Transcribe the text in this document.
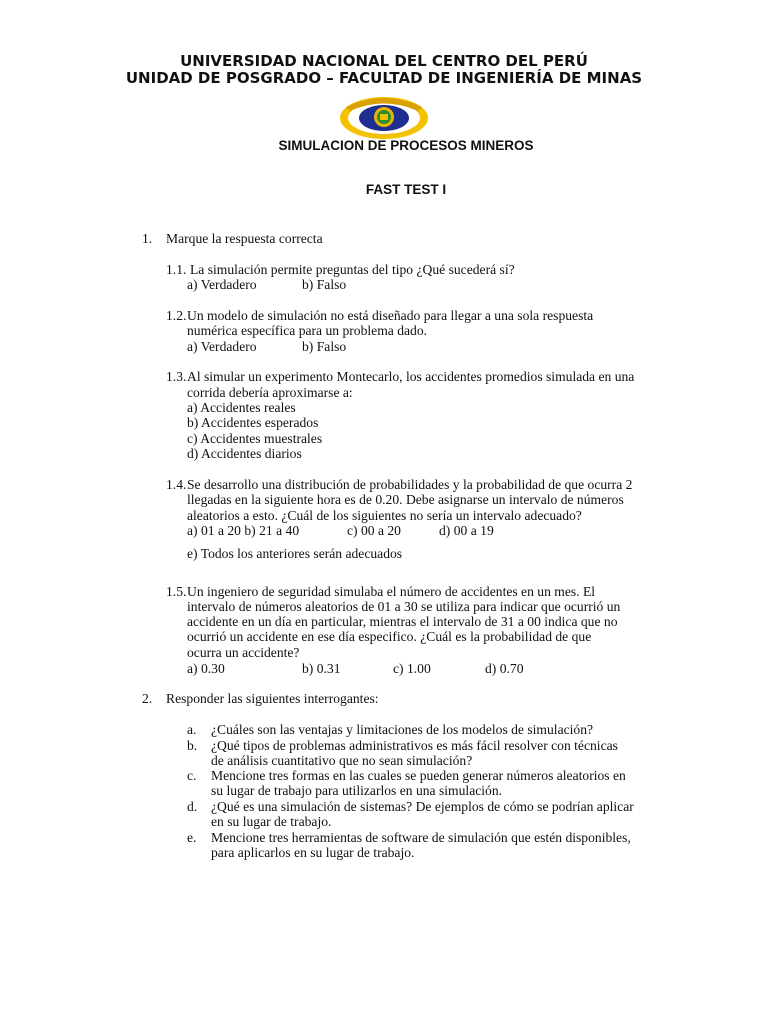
UNIVERSIDAD NACIONAL DEL CENTRO DEL PERÚ
UNIDAD DE POSGRADO – FACULTAD DE INGENIERÍA DE MINAS
SIMULACION DE PROCESOS MINEROS
FAST TEST I
1. Marque la respuesta correcta
1.1. La simulación permite preguntas del tipo ¿Qué sucederá sí?
a) Verdadero	b) Falso
1.2. Un modelo de simulación no está diseñado para llegar a una sola respuesta
numérica específica para un problema dado.
a) Verdadero	b) Falso
1.3. Al simular un experimento Montecarlo, los accidentes promedios simulada en una
corrida debería aproximarse a:
a) Accidentes reales
b) Accidentes esperados
c) Accidentes muestrales
d) Accidentes diarios
1.4. Se desarrollo una distribución de probabilidades y la probabilidad de que ocurra 2
llegadas en la siguiente hora es de 0.20. Debe asignarse un intervalo de números
aleatorios a esto. ¿Cuál de los siguientes no sería un intervalo adecuado?
a) 01 a 20 b) 21 a 40	c) 00 a 20	d) 00 a 19
e) Todos los anteriores serán adecuados
1.5. Un ingeniero de seguridad simulaba el número de accidentes en un mes. El
intervalo de números aleatorios de 01 a 30 se utiliza para indicar que ocurrió un
accidente en un día en particular, mientras el intervalo de 31 a 00 indica que no
ocurrió un accidente en ese día especifico. ¿Cuál es la probabilidad de que
ocurra un accidente?
a) 0.30	b) 0.31	c) 1.00	d) 0.70
2. Responder las siguientes interrogantes:
a. ¿Cuáles son las ventajas y limitaciones de los modelos de simulación?
b. ¿Qué tipos de problemas administrativos es más fácil resolver con técnicas
de análisis cuantitativo que no sean simulación?
c. Mencione tres formas en las cuales se pueden generar números aleatorios en
su lugar de trabajo para utilizarlos en una simulación.
d. ¿Qué es una simulación de sistemas? De ejemplos de cómo se podrían aplicar
en su lugar de trabajo.
e. Mencione tres herramientas de software de simulación que estén disponibles,
para aplicarlos en su lugar de trabajo.
